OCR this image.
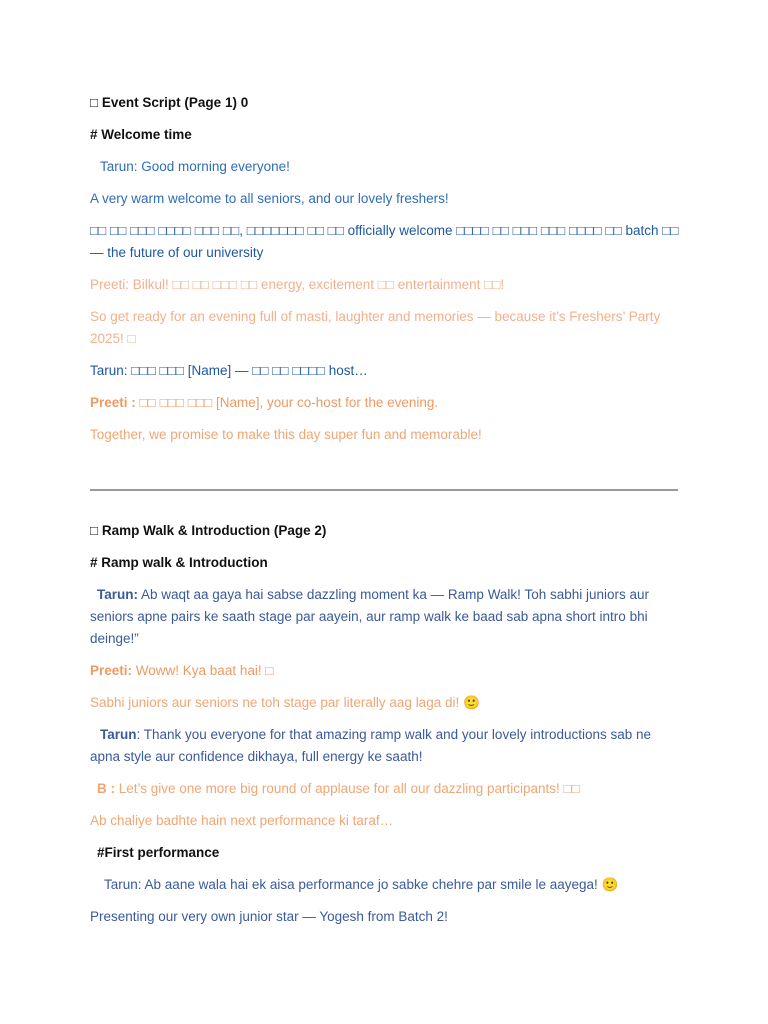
□ Event Script (Page 1) 0

# Welcome time

Tarun: Good morning everyone!

A very warm welcome to all seniors, and our lovely freshers!

□□ □□ □□□ □□□□ □□□ □□, □□□□□□□ □□ □□ officially welcome □□□□ □□ □□□ □□□ □□□□ □□ batch □□ — the future of our university

Preeti: Bilkul! □□ □□ □□□ □□ energy, excitement □□ entertainment □□!

So get ready for an evening full of masti, laughter and memories — because it’s Freshers’ Party 2025! □

Tarun: □□□ □□□ [Name] — □□ □□ □□□□ host…

Preeti : □□ □□□ □□□ [Name], your co-host for the evening.

Together, we promise to make this day super fun and memorable!

□ Ramp Walk & Introduction (Page 2)

# Ramp walk & Introduction

Tarun: Ab waqt aa gaya hai sabse dazzling moment ka — Ramp Walk! Toh sabhi juniors aur seniors apne pairs ke saath stage par aayein, aur ramp walk ke baad sab apna short intro bhi deinge!”

Preeti: Woww! Kya baat hai! □

Sabhi juniors aur seniors ne toh stage par literally aag laga di! 🙂

Tarun: Thank you everyone for that amazing ramp walk and your lovely introductions sab ne apna style aur confidence dikhaya, full energy ke saath!

B : Let’s give one more big round of applause for all our dazzling participants! □□

Ab chaliye badhte hain next performance ki taraf…

#First performance

Tarun: Ab aane wala hai ek aisa performance jo sabke chehre par smile le aayega! 🙂

Presenting our very own junior star — Yogesh from Batch 2!
